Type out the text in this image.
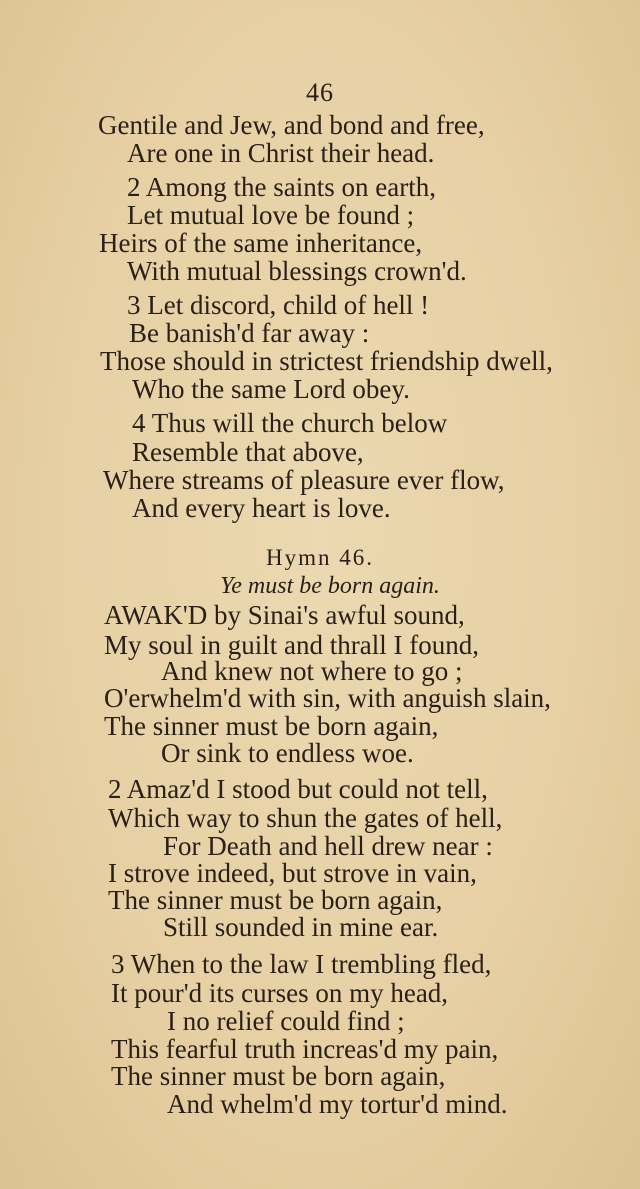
46
Gentile and Jew, and bond and free,
Are one in Christ their head.
2 Among the saints on earth,
Let mutual love be found ;
Heirs of the same inheritance,
With mutual blessings crown'd.
3 Let discord, child of hell !
Be banish'd far away :
Those should in strictest friendship dwell,
Who the same Lord obey.
4 Thus will the church below
Resemble that above,
Where streams of pleasure ever flow,
And every heart is love.
Hymn 46.
Ye must be born again.
AWAK'D by Sinai's awful sound,
My soul in guilt and thrall I found,
And knew not where to go ;
O'erwhelm'd with sin, with anguish slain,
The sinner must be born again,
Or sink to endless woe.
2 Amaz'd I stood but could not tell,
Which way to shun the gates of hell,
For Death and hell drew near :
I strove indeed, but strove in vain,
The sinner must be born again,
Still sounded in mine ear.
3 When to the law I trembling fled,
It pour'd its curses on my head,
I no relief could find ;
This fearful truth increas'd my pain,
The sinner must be born again,
And whelm'd my tortur'd mind.
